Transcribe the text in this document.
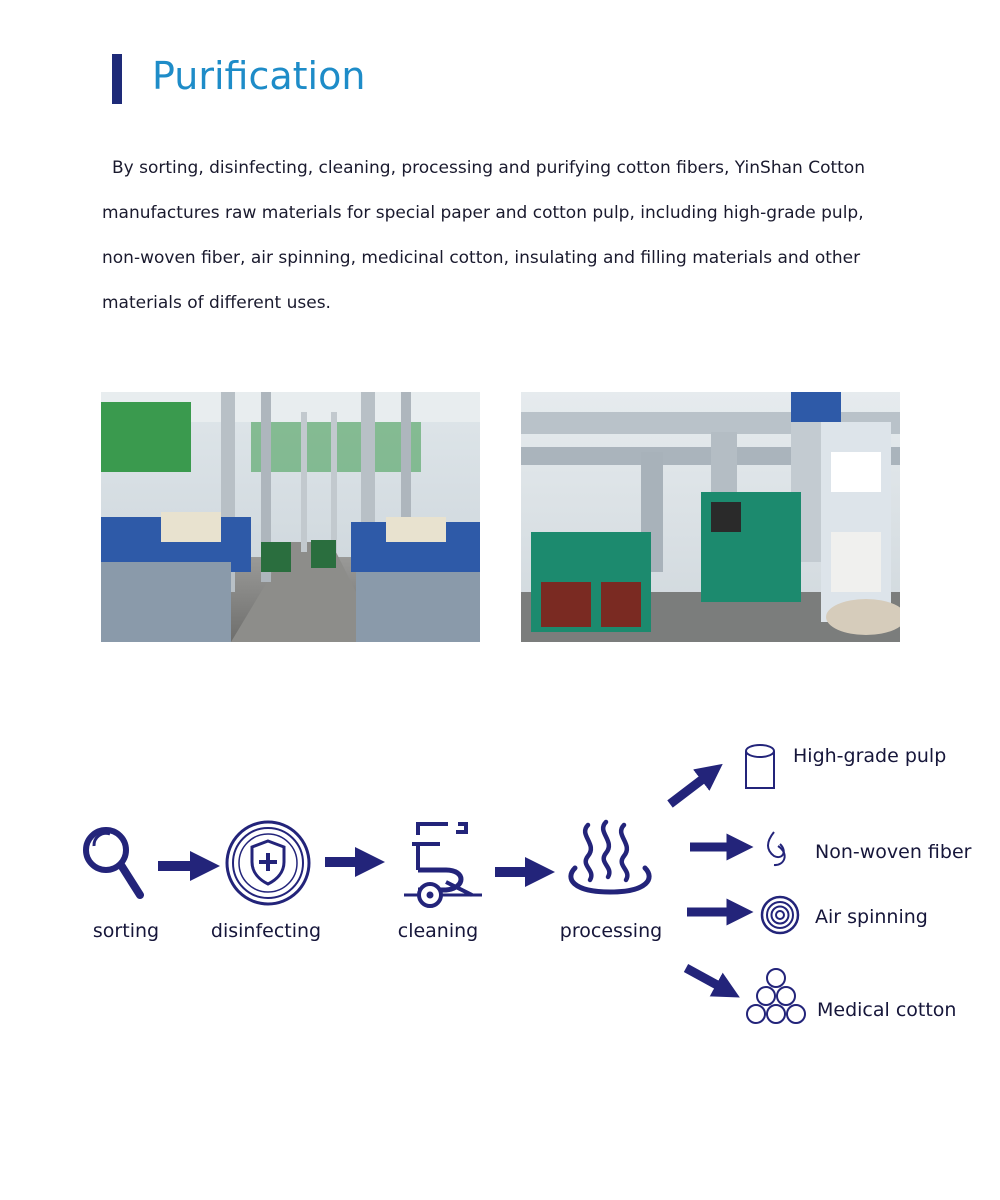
Purification

By sorting, disinfecting, cleaning, processing and purifying cotton fibers, YinShan Cotton manufactures raw materials for special paper and cotton pulp, including high-grade pulp, non-woven fiber, air spinning, medicinal cotton, insulating and filling materials and other materials of different uses.

sorting	disinfecting	cleaning	processing
High-grade pulp
Non-woven fiber
Air spinning
Medical cotton
